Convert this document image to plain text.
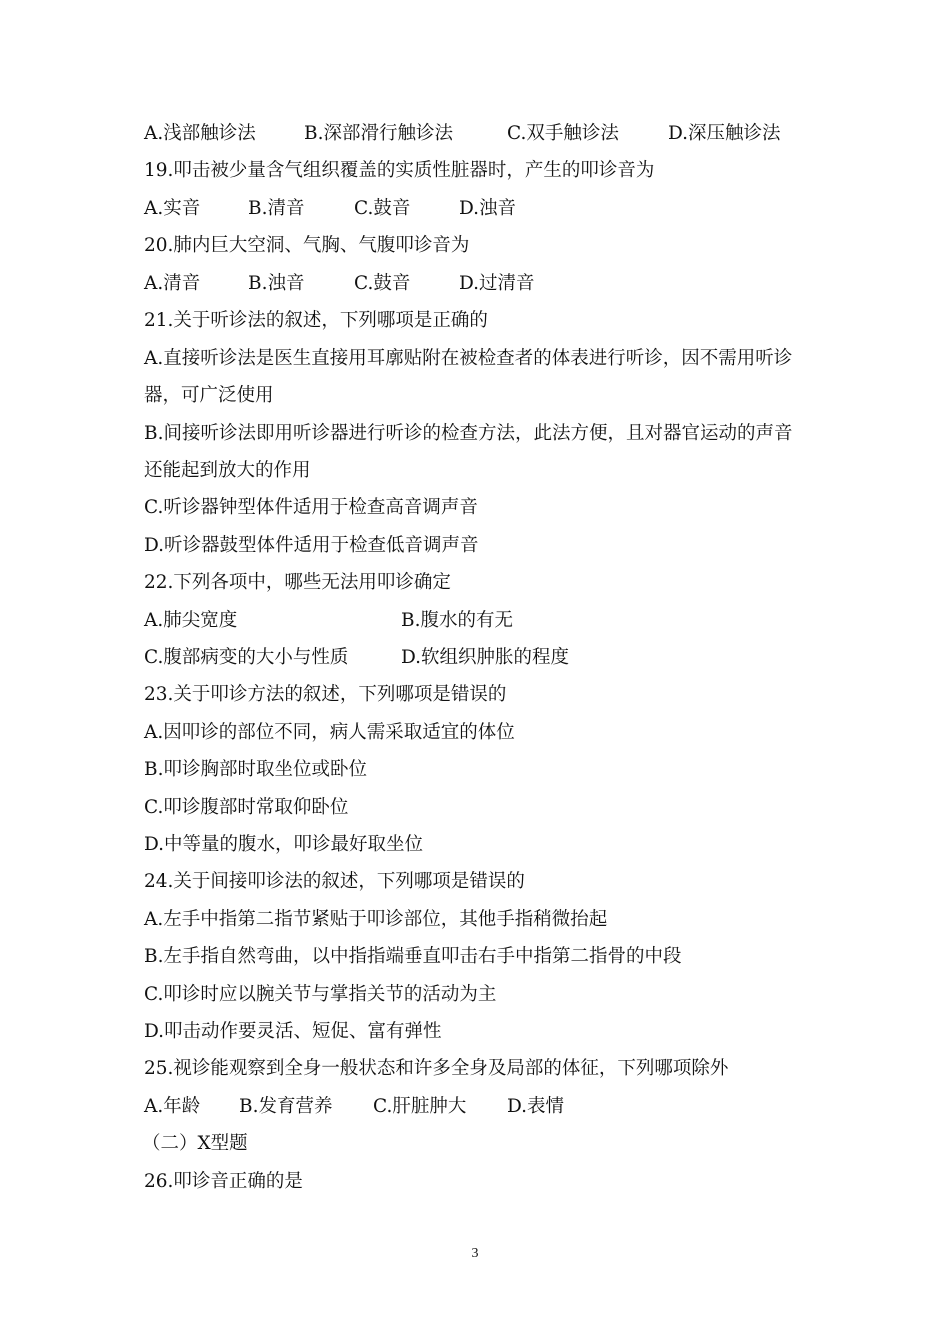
A.浅部触诊法	B.深部滑行触诊法	C.双手触诊法	D.深压触诊法
19.叩击被少量含气组织覆盖的实质性脏器时，产生的叩诊音为
A.实音	B.清音	C.鼓音	D.浊音
20.肺内巨大空洞、气胸、气腹叩诊音为
A.清音	B.浊音	C.鼓音	D.过清音
21.关于听诊法的叙述，下列哪项是正确的
A.直接听诊法是医生直接用耳廓贴附在被检查者的体表进行听诊，因不需用听诊
器，可广泛使用
B.间接听诊法即用听诊器进行听诊的检查方法，此法方便，且对器官运动的声音
还能起到放大的作用
C.听诊器钟型体件适用于检查高音调声音
D.听诊器鼓型体件适用于检查低音调声音
22.下列各项中，哪些无法用叩诊确定
A.肺尖宽度	B.腹水的有无
C.腹部病变的大小与性质	D.软组织肿胀的程度
23.关于叩诊方法的叙述，下列哪项是错误的
A.因叩诊的部位不同，病人需采取适宜的体位
B.叩诊胸部时取坐位或卧位
C.叩诊腹部时常取仰卧位
D.中等量的腹水，叩诊最好取坐位
24.关于间接叩诊法的叙述，下列哪项是错误的
A.左手中指第二指节紧贴于叩诊部位，其他手指稍微抬起
B.左手指自然弯曲，以中指指端垂直叩击右手中指第二指骨的中段
C.叩诊时应以腕关节与掌指关节的活动为主
D.叩击动作要灵活、短促、富有弹性
25.视诊能观察到全身一般状态和许多全身及局部的体征，下列哪项除外
A.年龄 B.发育营养 C.肝脏肿大 D.表情
（二）X型题
26.叩诊音正确的是
3
